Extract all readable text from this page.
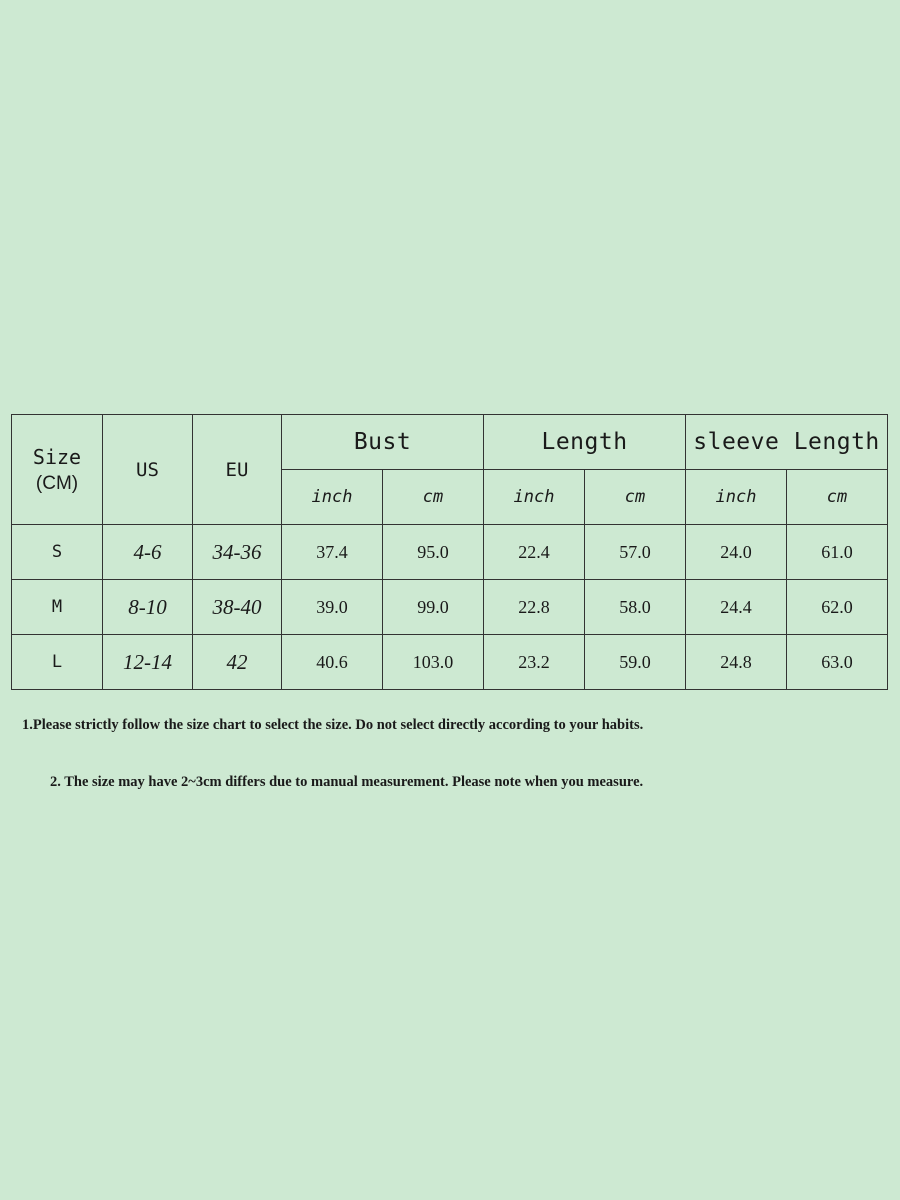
Size
(CM)	US	EU	Bust		Length		sleeve Length	
			inch	cm	inch	cm	inch	cm
S	4-6	34-36	37.4	95.0	22.4	57.0	24.0	61.0
M	8-10	38-40	39.0	99.0	22.8	58.0	24.4	62.0
L	12-14	42	40.6	103.0	23.2	59.0	24.8	63.0

1.Please strictly follow the size chart to select the size. Do not select directly according to your habits.

2. The size may have 2~3cm differs due to manual measurement. Please note when you measure.
